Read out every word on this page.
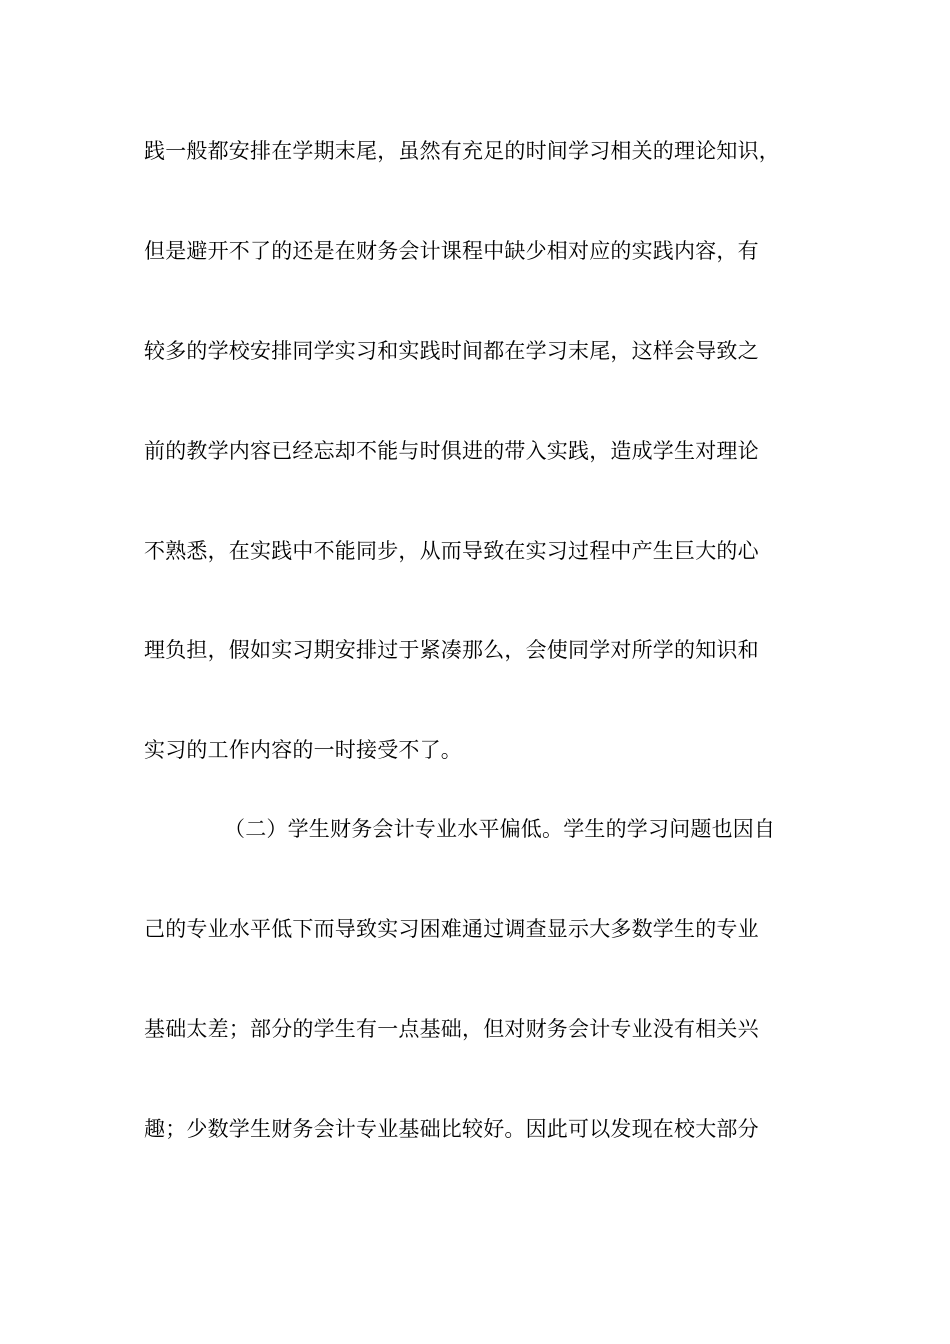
践一般都安排在学期末尾，虽然有充足的时间学习相关的理论知识，
但是避开不了的还是在财务会计课程中缺少相对应的实践内容，有
较多的学校安排同学实习和实践时间都在学习末尾，这样会导致之
前的教学内容已经忘却不能与时俱进的带入实践，造成学生对理论
不熟悉，在实践中不能同步，从而导致在实习过程中产生巨大的心
理负担，假如实习期安排过于紧凑那么，会使同学对所学的知识和
实习的工作内容的一时接受不了。
（二）学生财务会计专业水平偏低。学生的学习问题也因自
己的专业水平低下而导致实习困难通过调查显示大多数学生的专业
基础太差；部分的学生有一点基础，但对财务会计专业没有相关兴
趣；少数学生财务会计专业基础比较好。因此可以发现在校大部分
